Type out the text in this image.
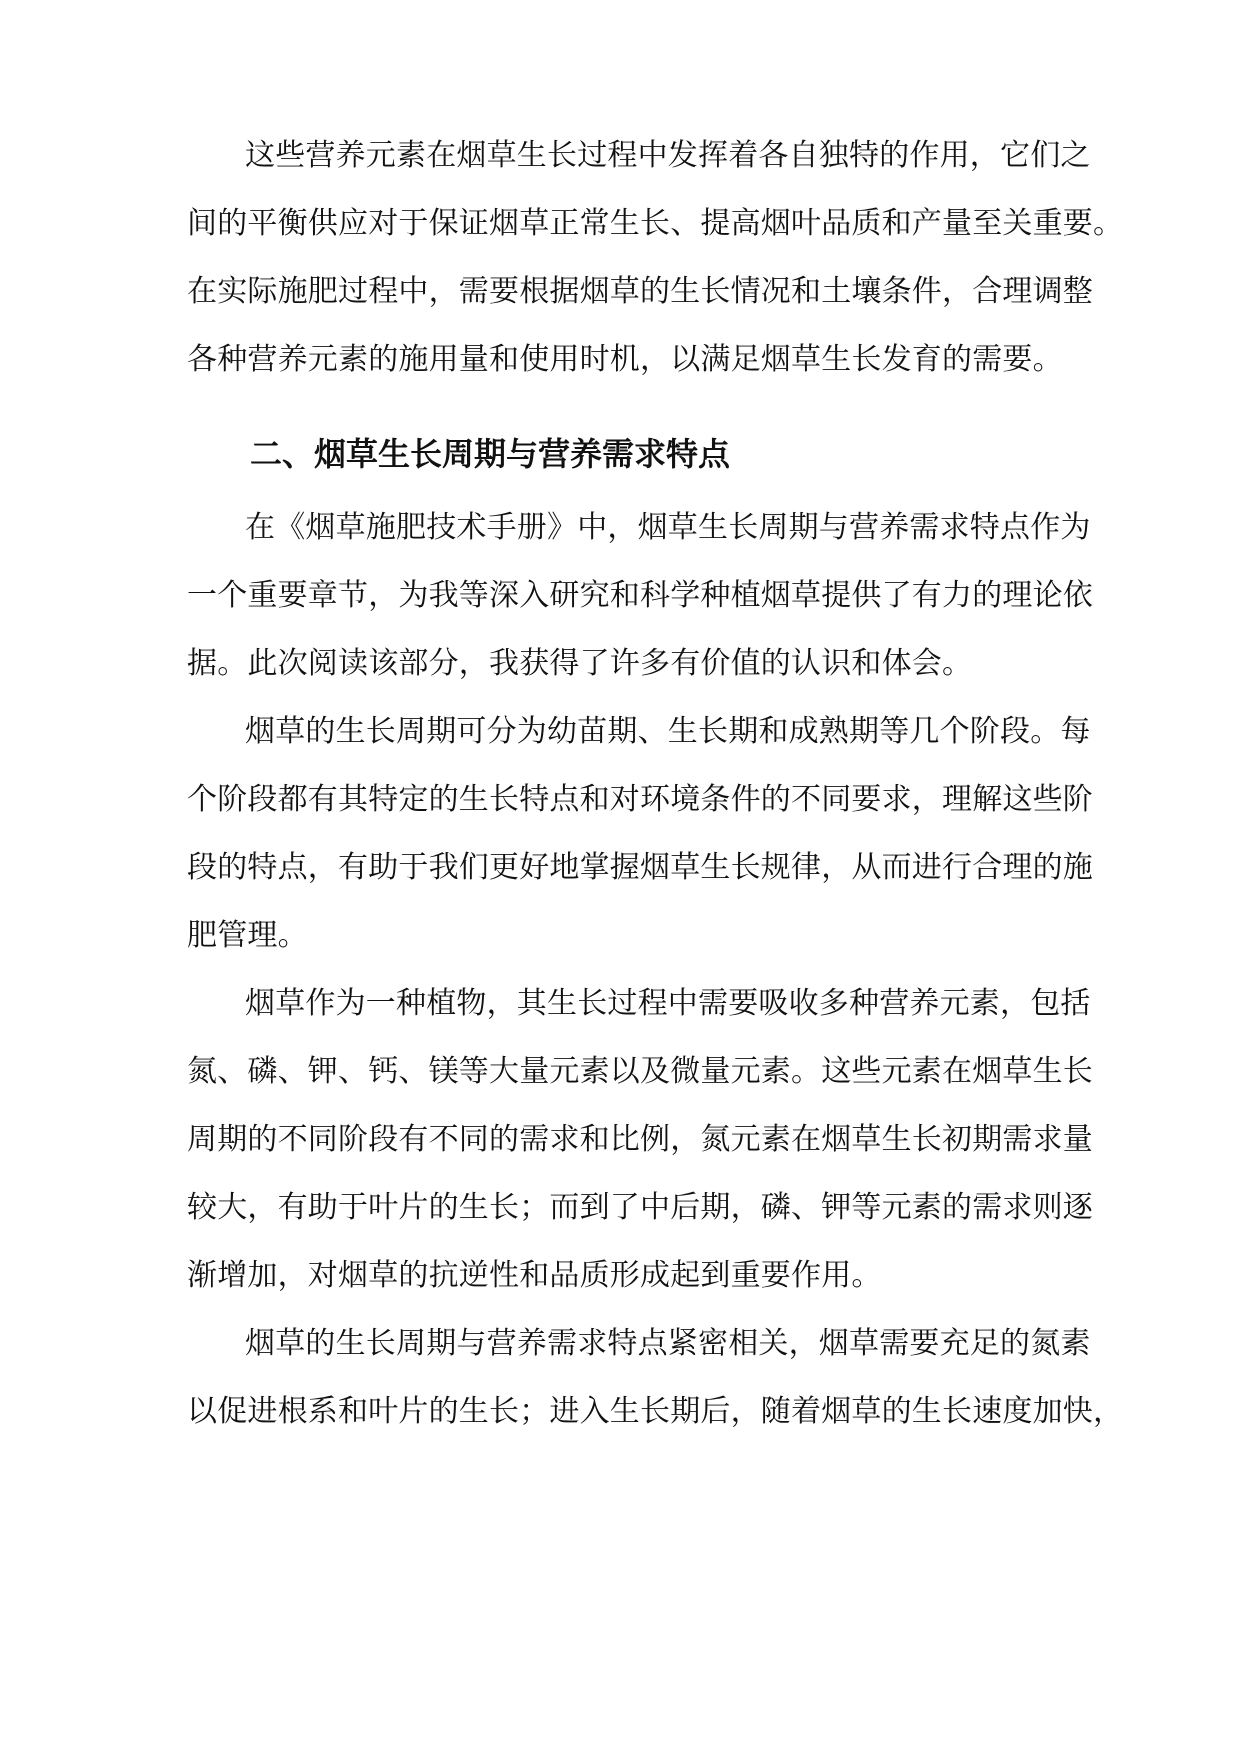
这些营养元素在烟草生长过程中发挥着各自独特的作用，它们之
间的平衡供应对于保证烟草正常生长、提高烟叶品质和产量至关重要。
在实际施肥过程中，需要根据烟草的生长情况和土壤条件，合理调整
各种营养元素的施用量和使用时机，以满足烟草生长发育的需要。
二、烟草生长周期与营养需求特点
在《烟草施肥技术手册》中，烟草生长周期与营养需求特点作为
一个重要章节，为我等深入研究和科学种植烟草提供了有力的理论依
据。此次阅读该部分，我获得了许多有价值的认识和体会。
烟草的生长周期可分为幼苗期、生长期和成熟期等几个阶段。每
个阶段都有其特定的生长特点和对环境条件的不同要求，理解这些阶
段的特点，有助于我们更好地掌握烟草生长规律，从而进行合理的施
肥管理。
烟草作为一种植物，其生长过程中需要吸收多种营养元素，包括
氮、磷、钾、钙、镁等大量元素以及微量元素。这些元素在烟草生长
周期的不同阶段有不同的需求和比例，氮元素在烟草生长初期需求量
较大，有助于叶片的生长；而到了中后期，磷、钾等元素的需求则逐
渐增加，对烟草的抗逆性和品质形成起到重要作用。
烟草的生长周期与营养需求特点紧密相关，烟草需要充足的氮素
以促进根系和叶片的生长；进入生长期后，随着烟草的生长速度加快，
